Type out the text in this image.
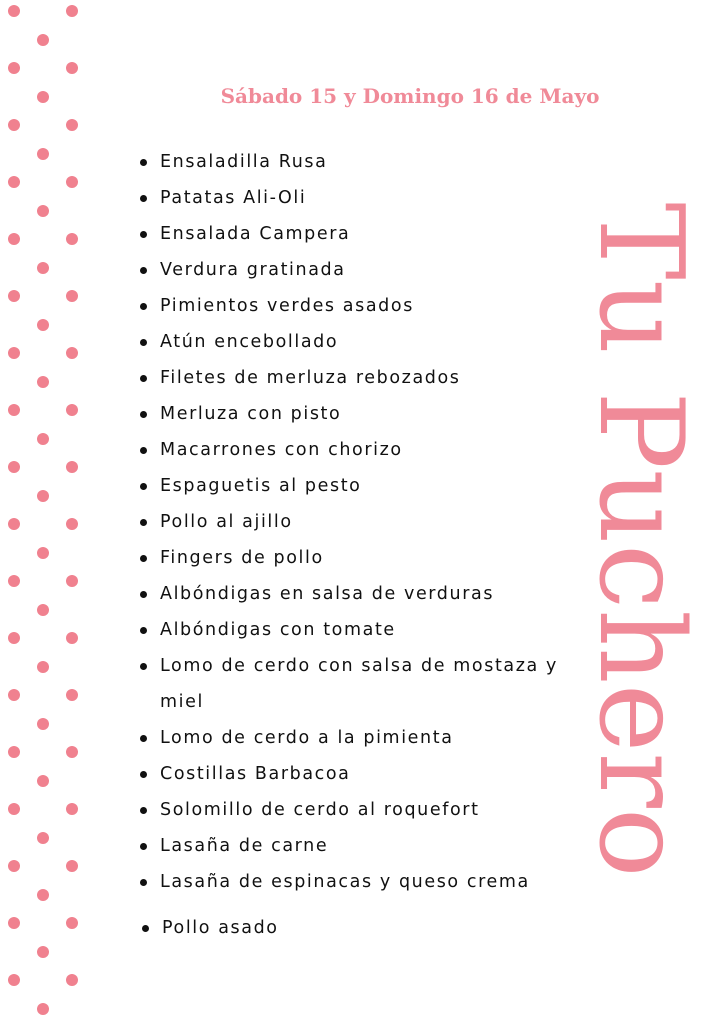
Sábado 15 y Domingo 16 de Mayo
Ensaladilla Rusa
Patatas Ali-Oli
Ensalada Campera
Verdura gratinada
Pimientos verdes asados
Atún encebollado
Filetes de merluza rebozados
Merluza con pisto
Macarrones con chorizo
Espaguetis al pesto
Pollo al ajillo
Fingers de pollo
Albóndigas en salsa de verduras
Albóndigas con tomate
Lomo de cerdo con salsa de mostaza y miel
Lomo de cerdo a la pimienta
Costillas Barbacoa
Solomillo de cerdo al roquefort
Lasaña de carne
Lasaña de espinacas y queso crema
Pollo asado
Tu Puchero
